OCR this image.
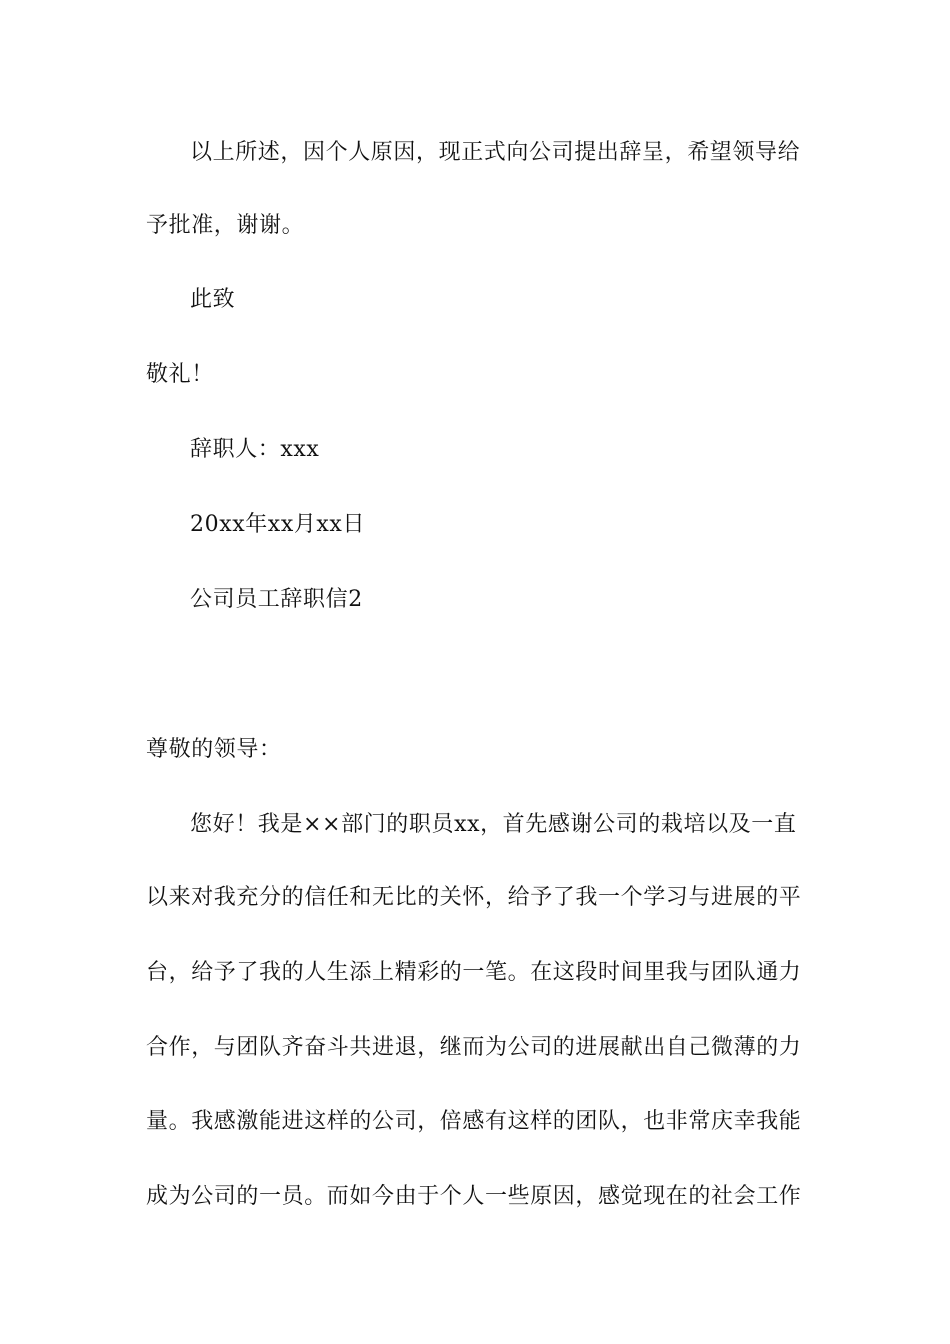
以上所述，因个人原因，现正式向公司提出辞呈，希望领导给
予批准，谢谢。
此致
敬礼！
辞职人：xxx
20xx年xx月xx日
公司员工辞职信2
尊敬的领导：
您好！我是××部门的职员xx，首先感谢公司的栽培以及一直
以来对我充分的信任和无比的关怀，给予了我一个学习与进展的平
台，给予了我的人生添上精彩的一笔。在这段时间里我与团队通力
合作，与团队齐奋斗共进退，继而为公司的进展献出自己微薄的力
量。我感激能进这样的公司，倍感有这样的团队，也非常庆幸我能
成为公司的一员。而如今由于个人一些原因，感觉现在的社会工作
